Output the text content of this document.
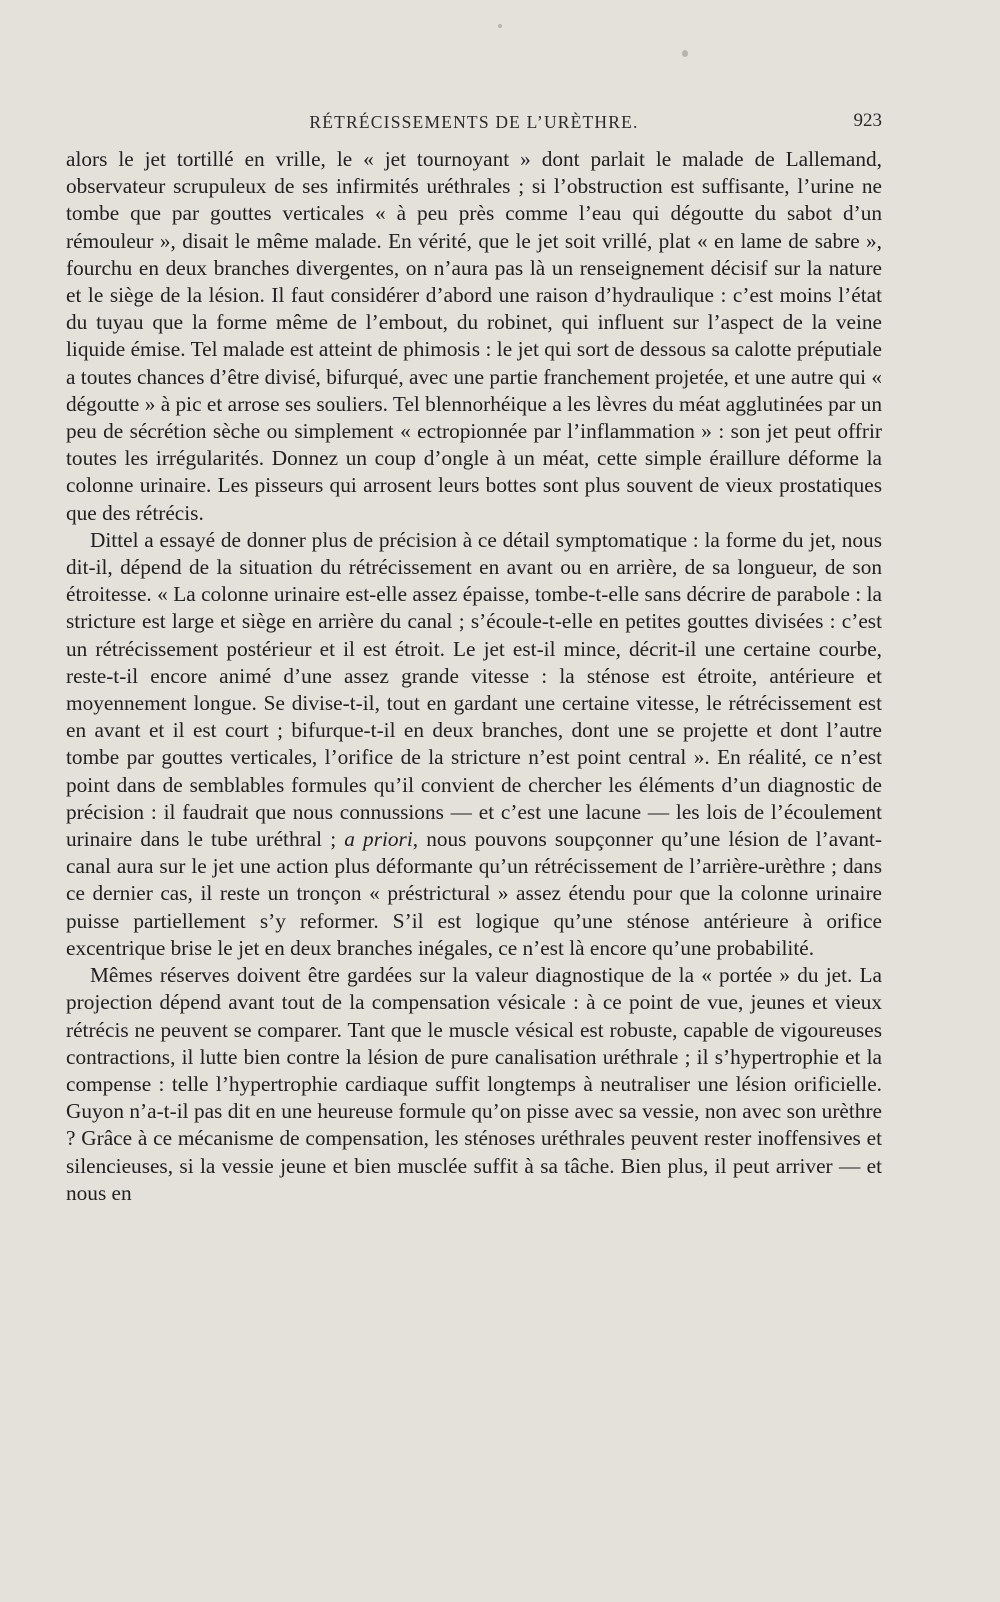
RÉTRÉCISSEMENTS DE L’URÈTHRE.	923

alors le jet tortillé en vrille, le « jet tournoyant » dont parlait le malade de Lallemand, observateur scrupuleux de ses infirmités uréthrales ; si l’obstruction est suffisante, l’urine ne tombe que par gouttes verticales « à peu près comme l’eau qui dégoutte du sabot d’un rémouleur », disait le même malade. En vérité, que le jet soit vrillé, plat « en lame de sabre », fourchu en deux branches divergentes, on n’aura pas là un renseignement décisif sur la nature et le siège de la lésion. Il faut considérer d’abord une raison d’hydraulique : c’est moins l’état du tuyau que la forme même de l’embout, du robinet, qui influent sur l’aspect de la veine liquide émise. Tel malade est atteint de phimosis : le jet qui sort de dessous sa calotte préputiale a toutes chances d’être divisé, bifurqué, avec une partie franchement projetée, et une autre qui « dégoutte » à pic et arrose ses souliers. Tel blennorhéique a les lèvres du méat agglutinées par un peu de sécrétion sèche ou simplement « ectropionnée par l’inflammation » : son jet peut offrir toutes les irrégularités. Donnez un coup d’ongle à un méat, cette simple éraillure déforme la colonne urinaire. Les pisseurs qui arrosent leurs bottes sont plus souvent de vieux prostatiques que des rétrécis.

Dittel a essayé de donner plus de précision à ce détail symptomatique : la forme du jet, nous dit-il, dépend de la situation du rétrécissement en avant ou en arrière, de sa longueur, de son étroitesse. « La colonne urinaire est-elle assez épaisse, tombe-t-elle sans décrire de parabole : la stricture est large et siège en arrière du canal ; s’écoule-t-elle en petites gouttes divisées : c’est un rétrécissement postérieur et il est étroit. Le jet est-il mince, décrit-il une certaine courbe, reste-t-il encore animé d’une assez grande vitesse : la sténose est étroite, antérieure et moyennement longue. Se divise-t-il, tout en gardant une certaine vitesse, le rétrécissement est en avant et il est court ; bifurque-t-il en deux branches, dont une se projette et dont l’autre tombe par gouttes verticales, l’orifice de la stricture n’est point central ». En réalité, ce n’est point dans de semblables formules qu’il convient de chercher les éléments d’un diagnostic de précision : il faudrait que nous connussions — et c’est une lacune — les lois de l’écoulement urinaire dans le tube uréthral ; a priori, nous pouvons soupçonner qu’une lésion de l’avant-canal aura sur le jet une action plus déformante qu’un rétrécissement de l’arrière-urèthre ; dans ce dernier cas, il reste un tronçon « préstrictural » assez étendu pour que la colonne urinaire puisse partiellement s’y reformer. S’il est logique qu’une sténose antérieure à orifice excentrique brise le jet en deux branches inégales, ce n’est là encore qu’une probabilité.

Mêmes réserves doivent être gardées sur la valeur diagnostique de la « portée » du jet. La projection dépend avant tout de la compensation vésicale : à ce point de vue, jeunes et vieux rétrécis ne peuvent se comparer. Tant que le muscle vésical est robuste, capable de vigoureuses contractions, il lutte bien contre la lésion de pure canalisation uréthrale ; il s’hypertrophie et la compense : telle l’hypertrophie cardiaque suffit longtemps à neutraliser une lésion orificielle. Guyon n’a-t-il pas dit en une heureuse formule qu’on pisse avec sa vessie, non avec son urèthre ? Grâce à ce mécanisme de compensation, les sténoses uréthrales peuvent rester inoffensives et silencieuses, si la vessie jeune et bien musclée suffit à sa tâche. Bien plus, il peut arriver — et nous en
